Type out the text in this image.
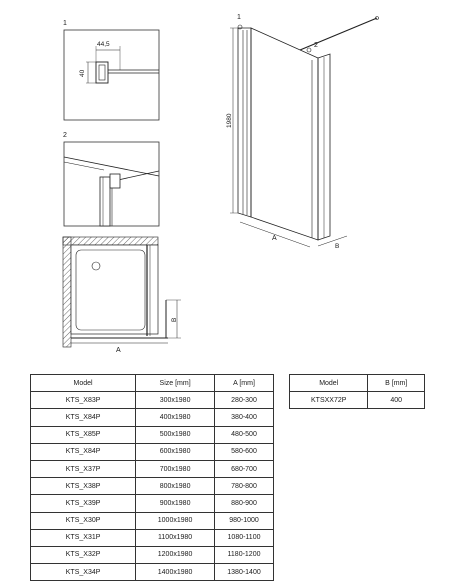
1
44,5
40
2
A
B
1
2
1980
A
B
Model	Size [mm]	A [mm]
KTS_X83P	300x1980	280-300
KTS_X84P	400x1980	380-400
KTS_X85P	500x1980	480-500
KTS_X84P	600x1980	580-600
KTS_X37P	700x1980	680-700
KTS_X38P	800x1980	780-800
KTS_X39P	900x1980	880-900
KTS_X30P	1000x1980	980-1000
KTS_X31P	1100x1980	1080-1100
KTS_X32P	1200x1980	1180-1200
KTS_X34P	1400x1980	1380-1400
Model	B [mm]
KTSXX72P	400
